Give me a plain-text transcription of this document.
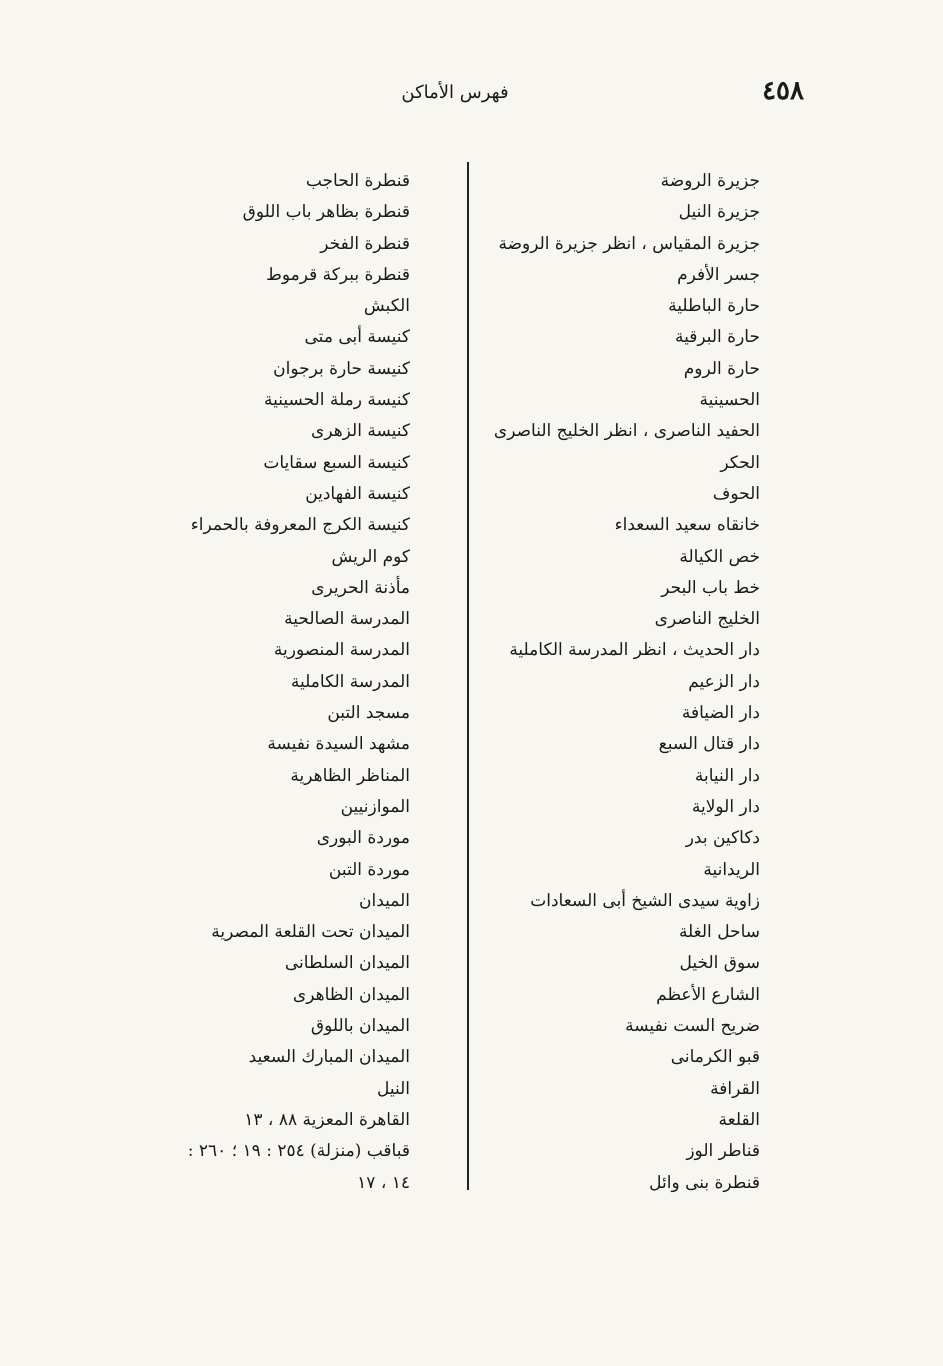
٤٥٨
فهرس الأماكن
جزيرة الروضة
جزيرة النيل
جزيرة المقياس ، انظر جزيرة الروضة
جسر الأفرم
حارة الباطلية
حارة البرقية
حارة الروم
الحسينية
الحفيد الناصرى ، انظر الخليج الناصرى
الحكر
الحوف
خانقاه سعيد السعداء
خص الكيالة
خط باب البحر
الخليج الناصرى
دار الحديث ، انظر المدرسة الكاملية
دار الزعيم
دار الضيافة
دار قتال السبع
دار النيابة
دار الولاية
دكاكين بدر
الريدانية
زاوية سيدى الشيخ أبى السعادات
ساحل الغلة
سوق الخيل
الشارع الأعظم
ضريح الست نفيسة
قبو الكرمانى
القرافة
القلعة
قناطر الوز
قنطرة بنى وائل
قنطرة الحاجب
قنطرة بظاهر باب اللوق
قنطرة الفخر
قنطرة ببركة قرموط
الكبش
كنيسة أبى متى
كنيسة حارة برجوان
كنيسة رملة الحسينية
كنيسة الزهرى
كنيسة السبع سقايات
كنيسة الفهادين
كنيسة الكرج المعروفة بالحمراء
كوم الريش
مأذنة الحريرى
المدرسة الصالحية
المدرسة المنصورية
المدرسة الكاملية
مسجد التبن
مشهد السيدة نفيسة
المناظر الظاهرية
الموازنيين
موردة البورى
موردة التبن
الميدان
الميدان تحت القلعة المصرية
الميدان السلطانى
الميدان الظاهرى
الميدان باللوق
الميدان المبارك السعيد
النيل
القاهرة المعزية ٨٨ ، ١٣
قباقب (منزلة) ٢٥٤ : ١٩ ؛ ٢٦٠ :
١٤ ، ١٧
